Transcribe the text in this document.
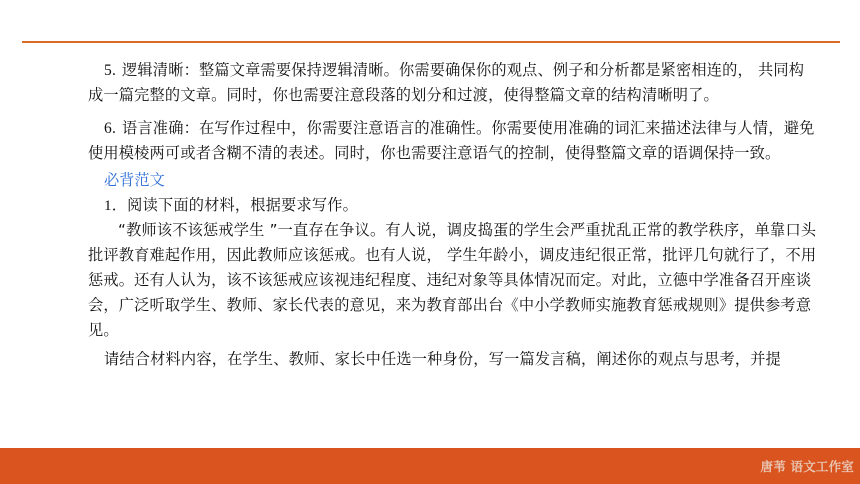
5. 逻辑清晰：整篇文章需要保持逻辑清晰。你需要确保你的观点、例子和分析都是紧密相连的， 共同构成一篇完整的文章。同时，你也需要注意段落的划分和过渡，使得整篇文章的结构清晰明了。

6. 语言准确：在写作过程中，你需要注意语言的准确性。你需要使用准确的词汇来描述法律与人情，避免使用模棱两可或者含糊不清的表述。同时，你也需要注意语气的控制，使得整篇文章的语调保持一致。

必背范文

1．阅读下面的材料，根据要求写作。

“教师该不该惩戒学生 ”一直存在争议。有人说，调皮捣蛋的学生会严重扰乱正常的教学秩序，单靠口头批评教育难起作用，因此教师应该惩戒。也有人说， 学生年龄小，调皮违纪很正常，批评几句就行了，不用惩戒。还有人认为，该不该惩戒应该视违纪程度、违纪对象等具体情况而定。对此，立德中学准备召开座谈会，广泛听取学生、教师、家长代表的意见，来为教育部出台《中小学教师实施教育惩戒规则》提供参考意见。

请结合材料内容，在学生、教师、家长中任选一种身份，写一篇发言稿，阐述你的观点与思考，并提

唐苇 语文工作室
